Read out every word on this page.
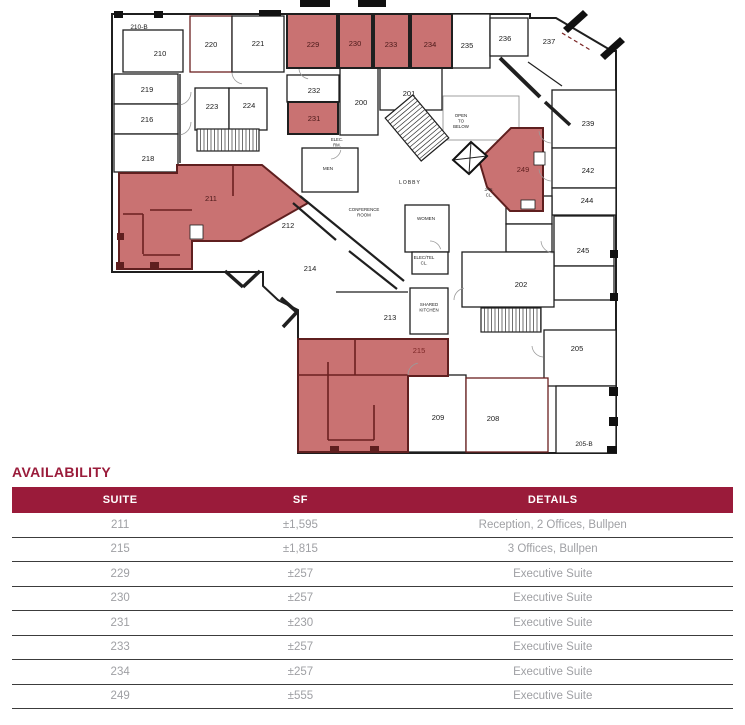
210-B
210
220	221	229	230	233	234	235
236	237
219
223	224
232
200
201
216	231
239
218
249	242
244
211
212
245
214
202
213
215	205
209	208
205-B
OPEN TO BELOW
CONFERENCE ROOM
SHARED KITCHEN
ELEC/TEL CL.
JAN. CL.
ELEC. RM.
MEN
WOMEN
LOBBY
AVAILABILITY
SUITE	SF	DETAILS
211	±1,595	Reception, 2 Offices, Bullpen
215	±1,815	3 Offices, Bullpen
229	±257	Executive Suite
230	±257	Executive Suite
231	±230	Executive Suite
233	±257	Executive Suite
234	±257	Executive Suite
249	±555	Executive Suite
